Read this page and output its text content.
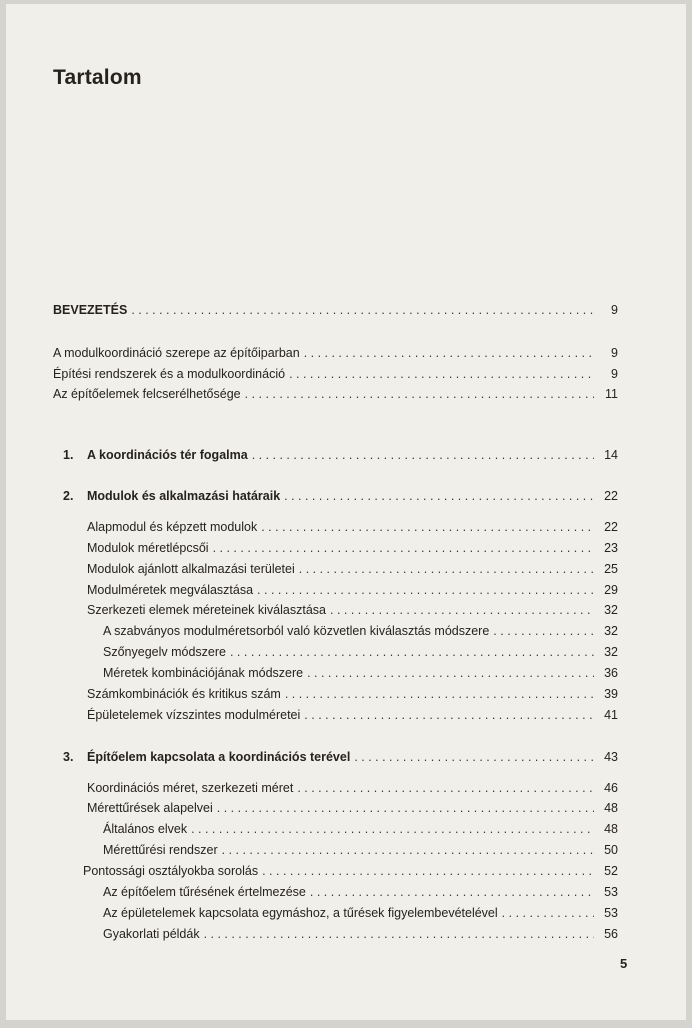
Tartalom
BEVEZETÉS . . .	9
A modulkoordináció szerepe az építőiparban . . .	9
Építési rendszerek és a modulkoordináció . . .	9
Az építőelemek felcserélhetősége . . .	11
1.	A koordinációs tér fogalma . . .	14
2.	Modulok és alkalmazási határaik . . .	22
Alapmodul és képzett modulok . . .	22
Modulok méretlépcsői . . .	23
Modulok ajánlott alkalmazási területei . . .	25
Modulméretek megválasztása . . .	29
Szerkezeti elemek méreteinek kiválasztása . . .	32
A szabványos modulméretsorból való közvetlen kiválasztás módszere . . .	32
Szőnyegelv módszere . . .	32
Méretek kombinációjának módszere . . .	36
Számkombinációk és kritikus szám . . .	39
Épületelemek vízszintes modulméretei . . .	41
3.	Építőelem kapcsolata a koordinációs terével . . .	43
Koordinációs méret, szerkezeti méret . . .	46
Mérettűrések alapelvei . . .	48
Általános elvek . . .	48
Mérettűrési rendszer . . .	50
Pontossági osztályokba sorolás . . .	52
Az építőelem tűrésének értelmezése . . .	53
Az épületelemek kapcsolata egymáshoz, a tűrések figyelembevételével . . .	53
Gyakorlati példák . . .	56
5
